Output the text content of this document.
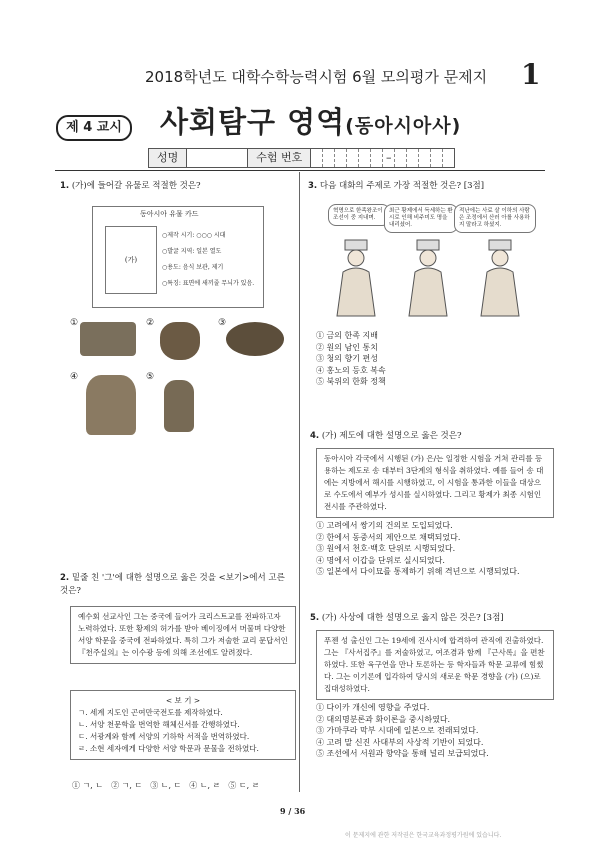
2018학년도 대학수학능력시험 6월 모의평가 문제지 1
제 4 교시	사회탐구 영역(동아시아사)
성명	수험 번호	–
1. (가)에 들어갈 유물로 적절한 것은?
동아시아 유물 카드
(가)
○제작 시기: ○○○ 시대
○발굴 지역: 일본 열도
○용도: 음식 보관, 제기
○특징: 표면에 새끼줄 무늬가 있음.
①	②	③
④	⑤
2. 밑줄 친 '그'에 대한 설명으로 옳은 것을 <보기>에서 고른 것은?
예수회 선교사인 그는 중국에 들어가 크리스트교를 전파하고자 노력하였다. 또한 황제의 허가를 받아 베이징에서 머물며 다양한 서양 학문을 중국에 전파하였다. 특히 그가 저술한 교리 문답서인 『천주실의』는 이수광 등에 의해 조선에도 알려졌다.
< 보 기 >
ㄱ. 세계 지도인 곤여만국전도를 제작하였다.
ㄴ. 서양 천문학을 번역한 해체신서를 간행하였다.
ㄷ. 서광계와 함께 서양의 기하학 서적을 번역하였다.
ㄹ. 소현 세자에게 다양한 서양 학문과 문물을 전하였다.
① ㄱ, ㄴ ② ㄱ, ㄷ ③ ㄴ, ㄷ ④ ㄴ, ㄹ ⑤ ㄷ, ㄹ
3. 다음 대화의 주제로 가장 적절한 것은? [3점]
혁명으로 한족왕조이 조선이 중 지내며.
최근 황제에서 득세하는 환시로 인해 비주미도 명을 내리셨어.
적난에는 사료 살 이하의 사람은 조정에서 산러 아를 사용하지 말라고 하셨지.
① 금의 한족 지배
② 원의 남인 통치
③ 청의 향기 편성
④ 홍노의 등호 복속
⑤ 북위의 한화 정책
4. (가) 제도에 대한 설명으로 옳은 것은?
동아시아 각국에서 시행된 (가) 은/는 일정한 시험을 거쳐 관리를 등용하는 제도로 송 대부터 3단계의 형식을 취하였다. 예를 들어 송 대에는 지방에서 해시를 시행하였고, 이 시험을 통과한 이들을 대상으로 수도에서 예부가 성시를 실시하였다. 그리고 황제가 최종 시험인 전시를 주관하였다.
① 고려에서 쌍기의 건의로 도입되었다.
② 한에서 동중서의 제안으로 채택되었다.
③ 원에서 천호·백호 단위로 시행되었다.
④ 명에서 이갑을 단위로 실시되었다.
⑤ 일본에서 다이묘를 통제하기 위해 격년으로 시행되었다.
5. (가) 사상에 대한 설명으로 옳지 않은 것은? [3점]
푸젠 성 출신인 그는 19세에 진사시에 합격하여 관직에 진출하였다. 그는 『사서집주』를 저술하였고, 여조겸과 함께 『근사록』을 편찬하였다. 또한 육구연을 만나 토론하는 등 학자들과 학문 교류에 힘썼다. 그는 이기론에 입각하여 당시의 새로운 학문 경향을 (가) (으)로 집대성하였다.
① 다이카 개신에 영향을 주었다.
② 대의명분론과 화이론을 중시하였다.
③ 가마쿠라 막부 시대에 일본으로 전래되었다.
④ 고려 말 신진 사대부의 사상적 기반이 되었다.
⑤ 조선에서 서원과 향약을 통해 널리 보급되었다.
9 / 36
이 문제지에 관한 저작권은 한국교육과정평가원에 있습니다.
